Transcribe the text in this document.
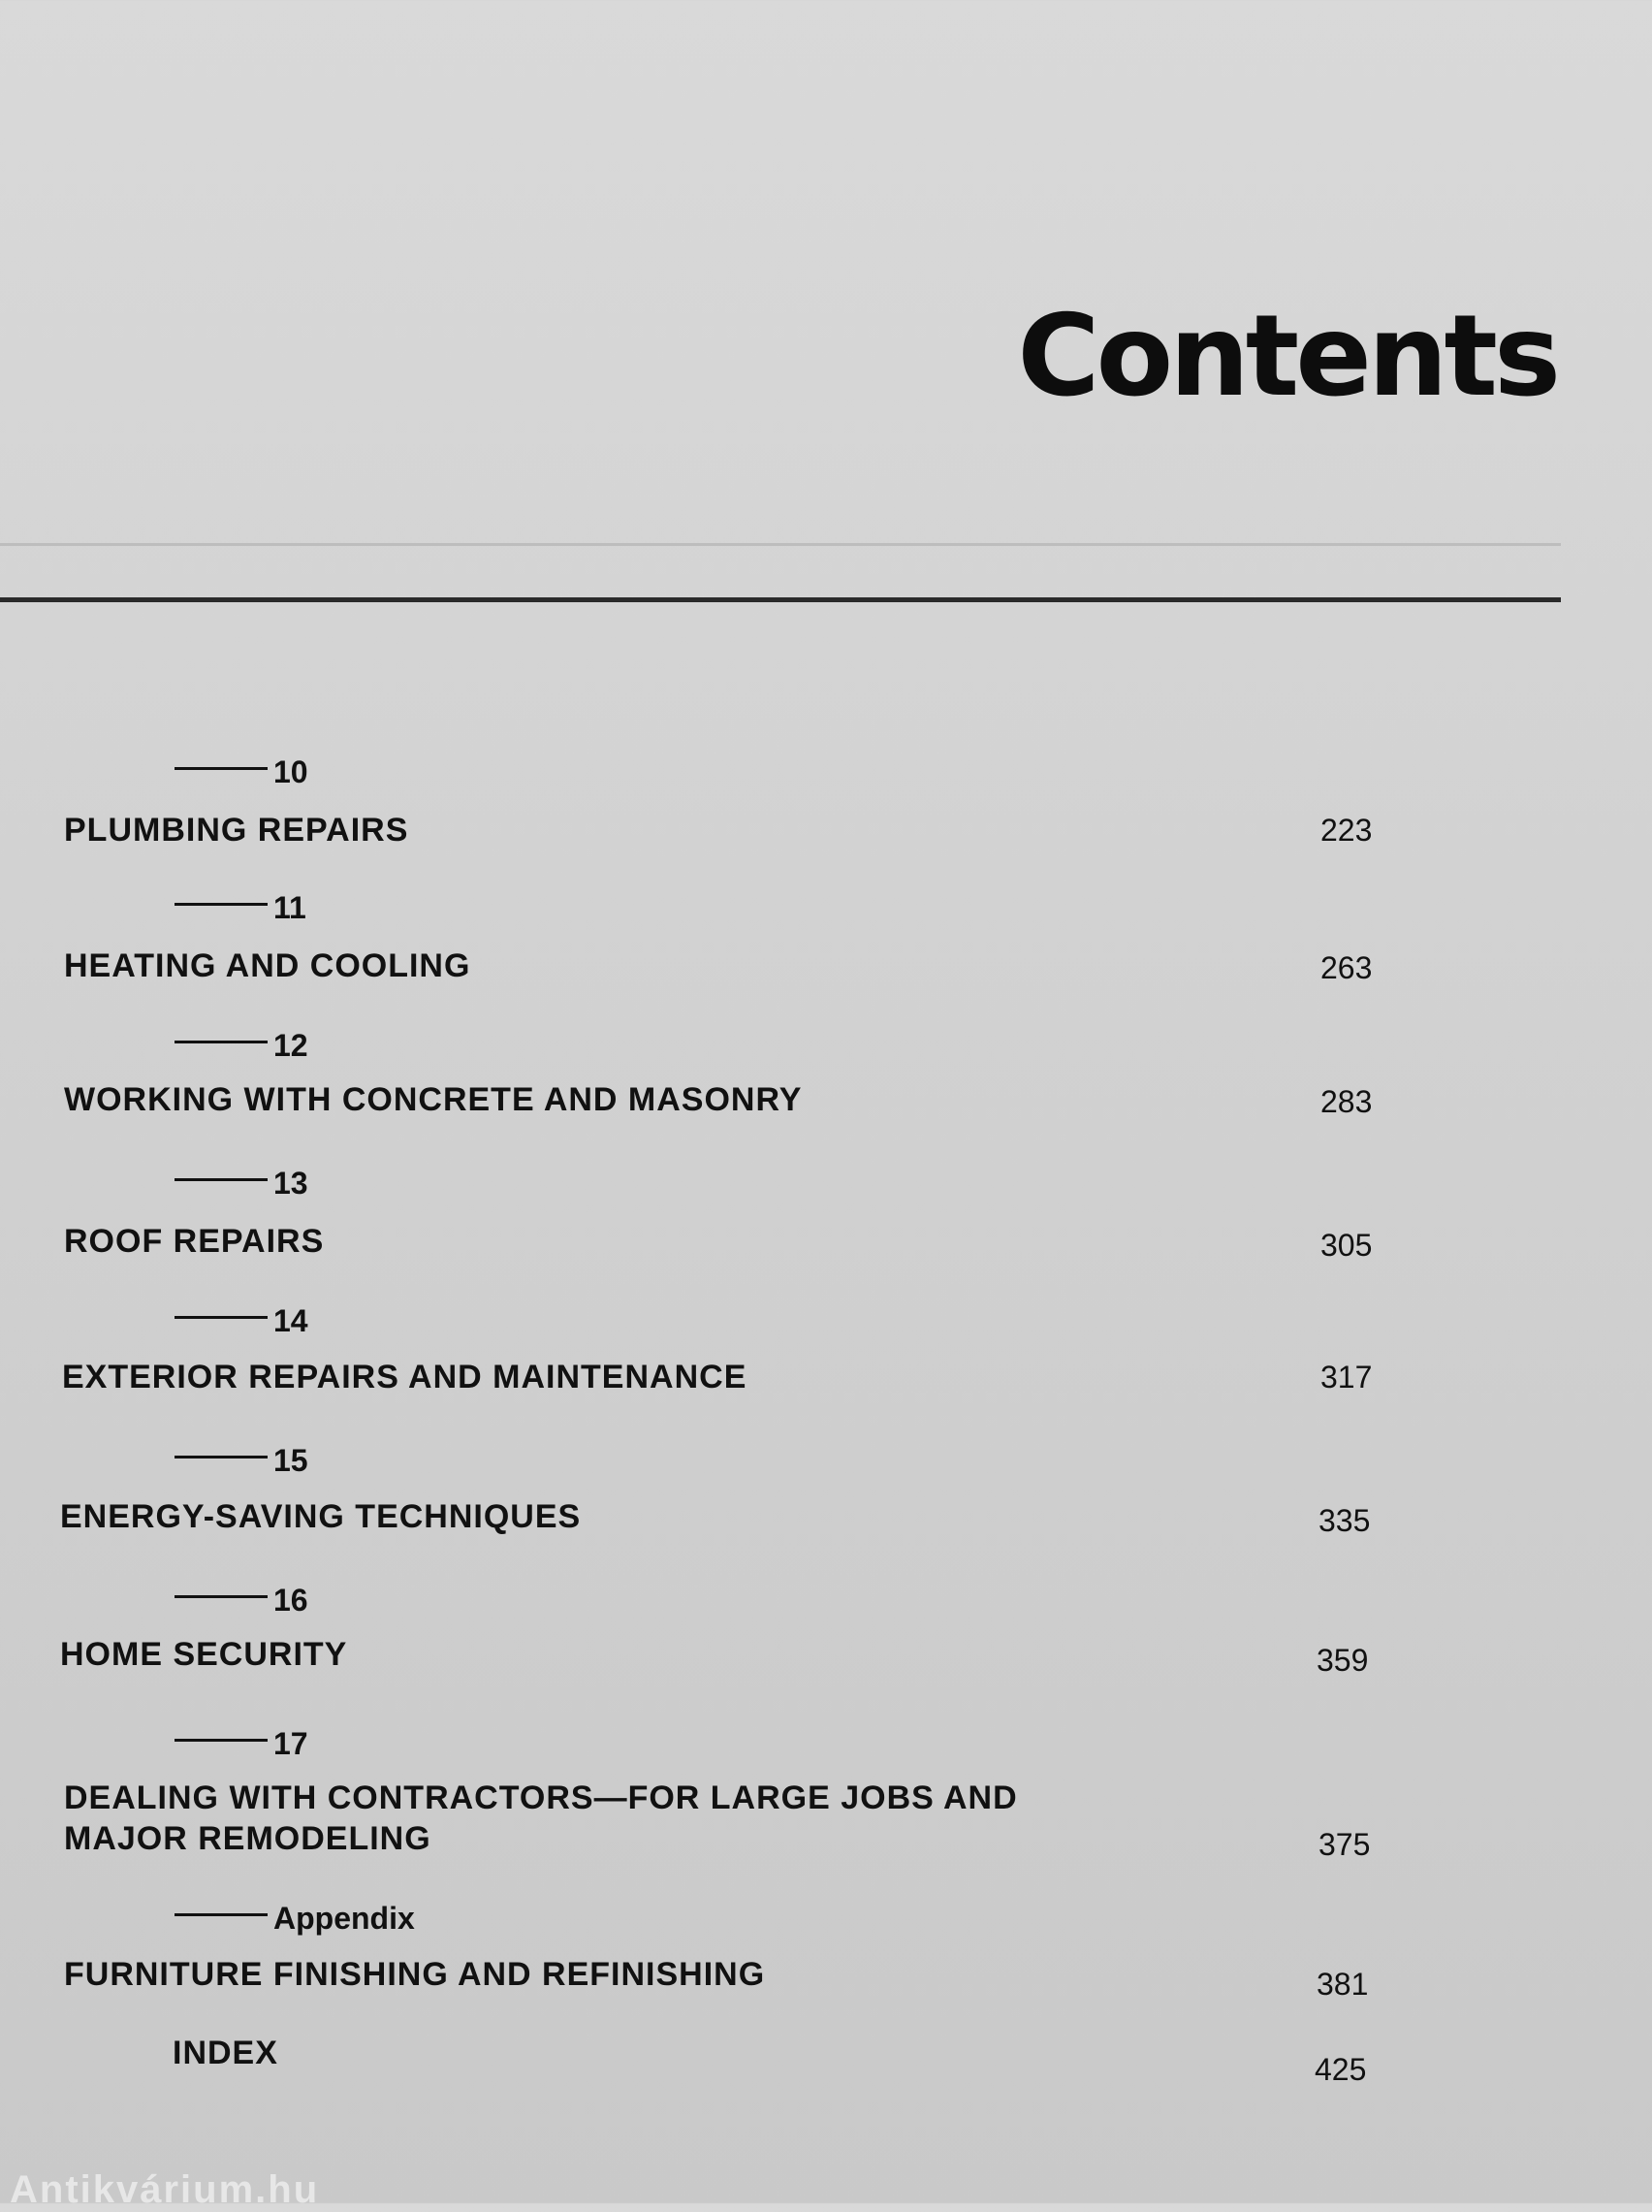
Contents
10
PLUMBING REPAIRS	223
11
HEATING AND COOLING	263
12
WORKING WITH CONCRETE AND MASONRY	283
13
ROOF REPAIRS	305
14
EXTERIOR REPAIRS AND MAINTENANCE	317
15
ENERGY-SAVING TECHNIQUES	335
16
HOME SECURITY	359
17
DEALING WITH CONTRACTORS—FOR LARGE JOBS AND
MAJOR REMODELING	375
Appendix
FURNITURE FINISHING AND REFINISHING	381
INDEX	425
Antikvárium.hu
